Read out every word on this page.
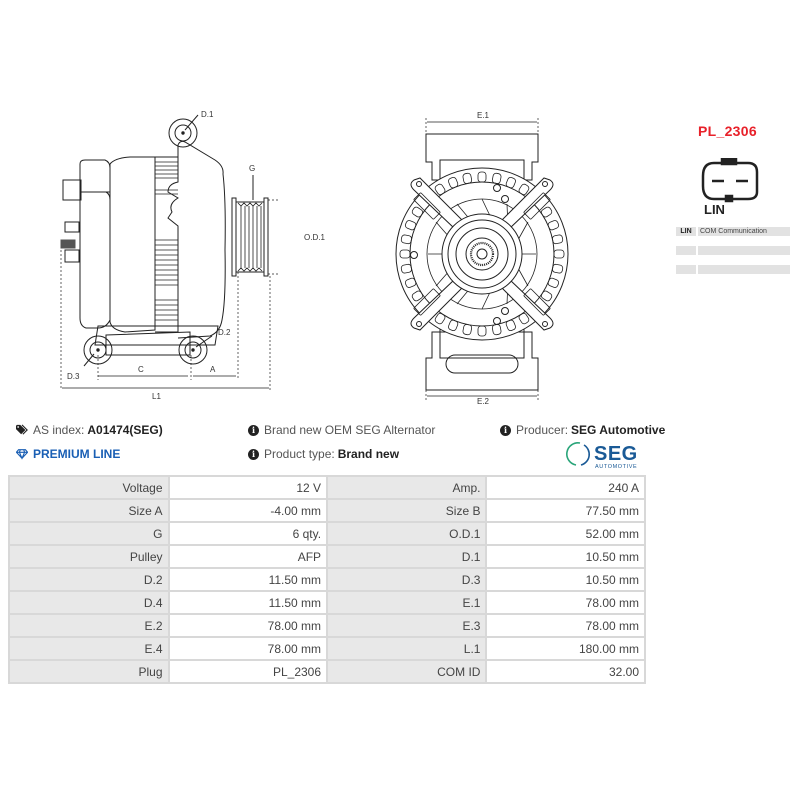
D.1
G
O.D.1
D.2
D.3
C	A
L1
E.1
E.2
PL_2306
LIN
LIN	COM Communication
AS index: A01474(SEG)
PREMIUM LINE
i Brand new OEM SEG Alternator
i Product type: Brand new
i Producer: SEG Automotive
SEG
AUTOMOTIVE
Voltage	12 V	Amp.	240 A
Size A	-4.00 mm	Size B	77.50 mm
G	6 qty.	O.D.1	52.00 mm
Pulley	AFP	D.1	10.50 mm
D.2	11.50 mm	D.3	10.50 mm
D.4	11.50 mm	E.1	78.00 mm
E.2	78.00 mm	E.3	78.00 mm
E.4	78.00 mm	L.1	180.00 mm
Plug	PL_2306	COM ID	32.00
